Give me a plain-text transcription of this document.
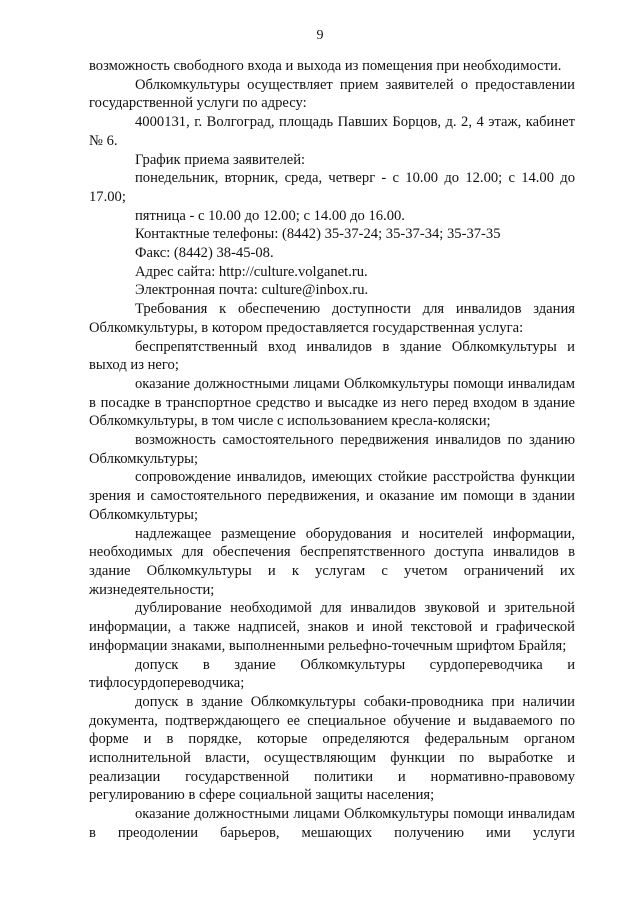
9

возможность свободного входа и выхода из помещения при необходимости.

Облкомкультуры осуществляет прием заявителей о предоставлении государственной услуги по адресу:

4000131, г. Волгоград, площадь Павших Борцов, д. 2, 4 этаж, кабинет № 6.

График приема заявителей:

понедельник, вторник, среда, четверг - с 10.00 до 12.00; с 14.00 до 17.00;

пятница - с 10.00 до 12.00; с 14.00 до 16.00.

Контактные телефоны: (8442) 35-37-24; 35-37-34; 35-37-35

Факс: (8442) 38-45-08.

Адрес сайта: http://culture.volganet.ru.

Электронная почта: culture@inbox.ru.

Требования к обеспечению доступности для инвалидов здания Облкомкультуры, в котором предоставляется государственная услуга:

беспрепятственный вход инвалидов в здание Облкомкультуры и выход из него;

оказание должностными лицами Облкомкультуры помощи инвалидам в посадке в транспортное средство и высадке из него перед входом в здание Облкомкультуры, в том числе с использованием кресла-коляски;

возможность самостоятельного передвижения инвалидов по зданию Облкомкультуры;

сопровождение инвалидов, имеющих стойкие расстройства функции зрения и самостоятельного передвижения, и оказание им помощи в здании Облкомкультуры;

надлежащее размещение оборудования и носителей информации, необходимых для обеспечения беспрепятственного доступа инвалидов в здание Облкомкультуры и к услугам с учетом ограничений их жизнедеятельности;

дублирование необходимой для инвалидов звуковой и зрительной информации, а также надписей, знаков и иной текстовой и графической информации знаками, выполненными рельефно-точечным шрифтом Брайля;

допуск в здание Облкомкультуры сурдопереводчика и тифлосурдопереводчика;

допуск в здание Облкомкультуры собаки-проводника при наличии документа, подтверждающего ее специальное обучение и выдаваемого по форме и в порядке, которые определяются федеральным органом исполнительной власти, осуществляющим функции по выработке и реализации государственной политики и нормативно-правовому регулированию в сфере социальной защиты населения;

оказание должностными лицами Облкомкультуры помощи инвалидам в преодолении барьеров, мешающих получению ими услуги
